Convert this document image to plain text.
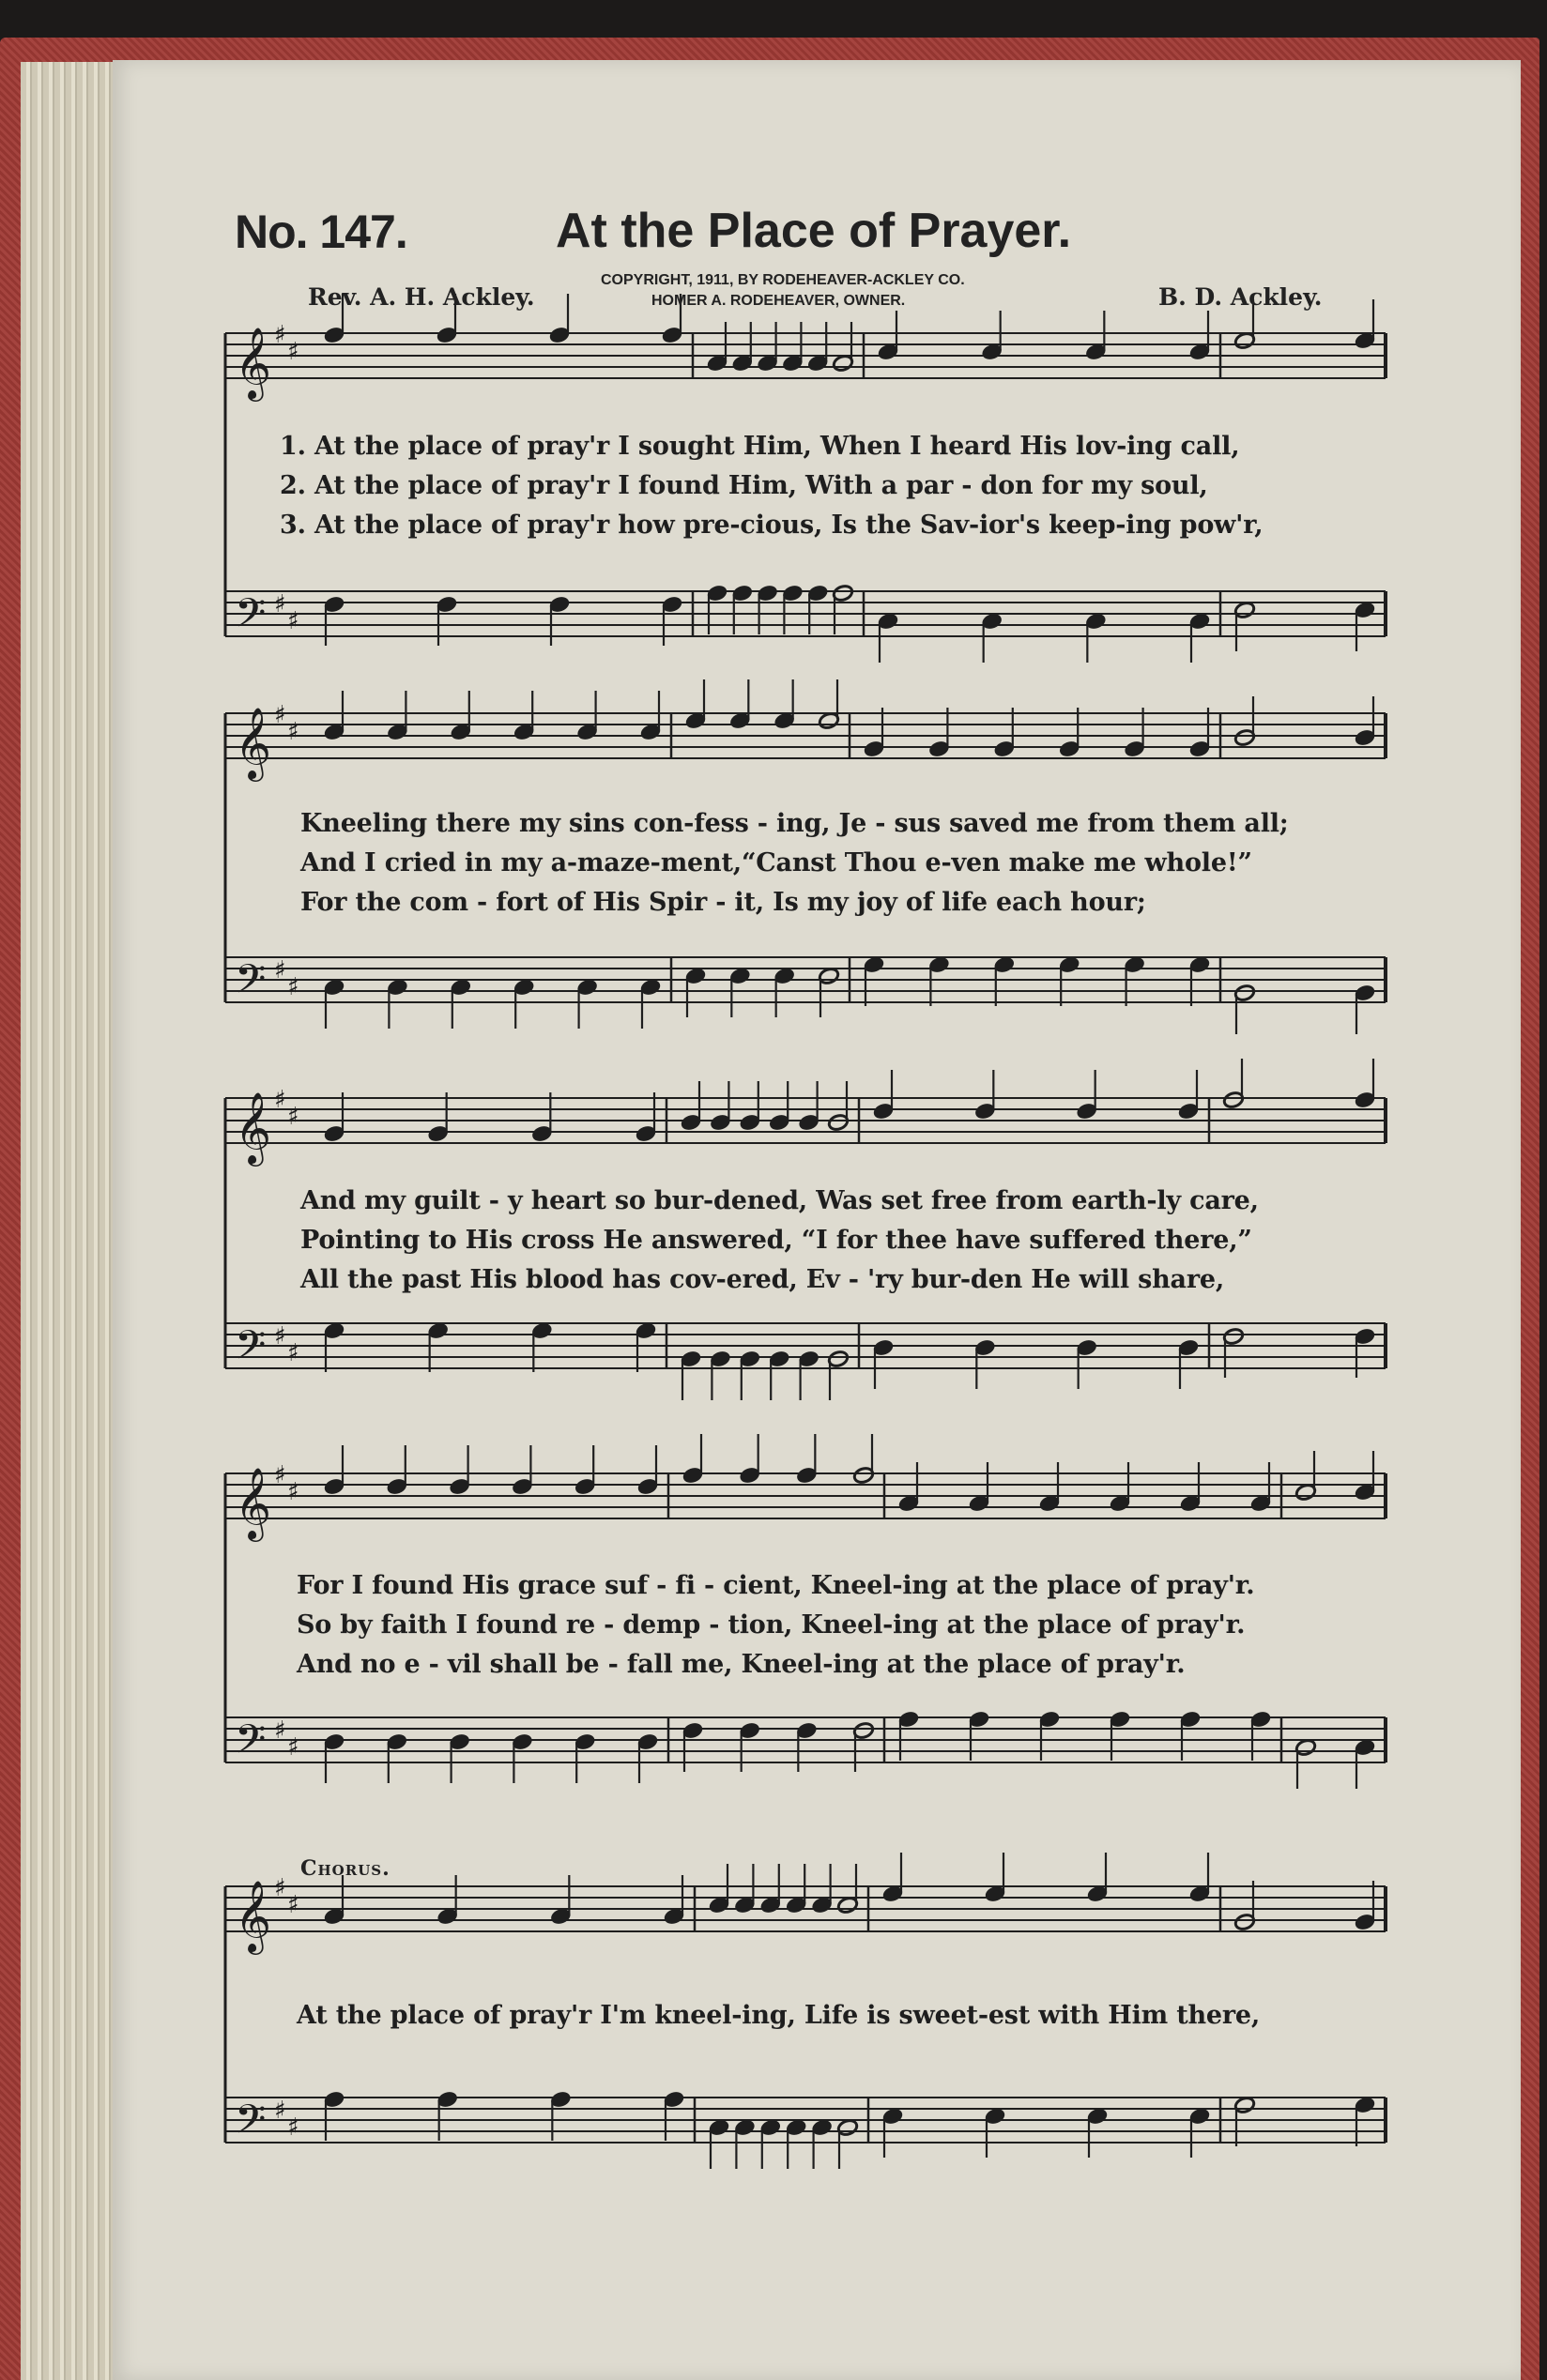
𝄞 ♯
♯
𝄢 ♯
♯
𝄞 ♯
♯
𝄢 ♯
♯
𝄞 ♯
♯
𝄢 ♯
♯
𝄞 ♯
♯
𝄢 ♯
♯
𝄞 ♯
♯
𝄢 ♯
♯
No. 147.	At the Place of Prayer.
Rev. A. H. Ackley.	B. D. Ackley.
COPYRIGHT, 1911, BY RODEHEAVER-ACKLEY CO.
HOMER A. RODEHEAVER, OWNER.
1. At the place of pray'r I sought Him, When I heard His lov-ing call,
2. At the place of pray'r I found Him, With a par - don for my soul,
3. At the place of pray'r how pre-cious, Is the Sav-ior's keep-ing pow'r,
Kneeling there my sins con-fess - ing, Je - sus saved me from them all;
And I cried in my a-maze-ment,“Canst Thou e-ven make me whole!”
For the com - fort of His Spir - it, Is my joy of life each hour;
And my guilt - y heart so bur-dened, Was set free from earth-ly care,
Pointing to His cross He answered, “I for thee have suffered there,”
All the past His blood has cov-ered, Ev - 'ry bur-den He will share,
For I found His grace suf - fi - cient, Kneel-ing at the place of pray'r.
So by faith I found re - demp - tion, Kneel-ing at the place of pray'r.
And no e - vil shall be - fall me, Kneel-ing at the place of pray'r.
Chorus.
At the place of pray'r I'm kneel-ing, Life is sweet-est with Him there,
